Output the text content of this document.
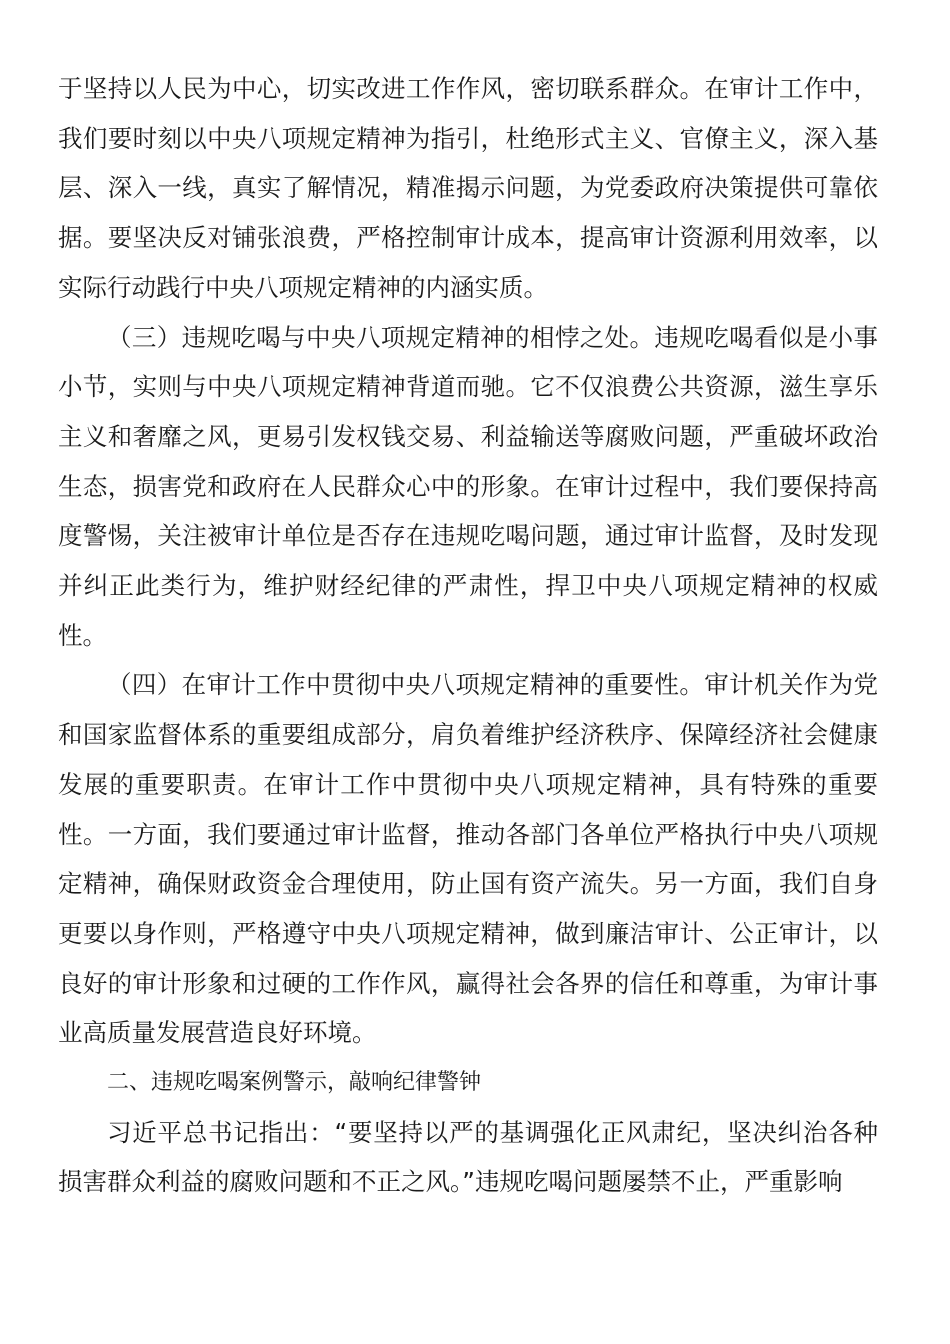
于坚持以人民为中心，切实改进工作作风，密切联系群众。在审计工作中，我们要时刻以中央八项规定精神为指引，杜绝形式主义、官僚主义，深入基层、深入一线，真实了解情况，精准揭示问题，为党委政府决策提供可靠依据。要坚决反对铺张浪费，严格控制审计成本，提高审计资源利用效率，以实际行动践行中央八项规定精神的内涵实质。

（三）违规吃喝与中央八项规定精神的相悖之处。违规吃喝看似是小事小节，实则与中央八项规定精神背道而驰。它不仅浪费公共资源，滋生享乐主义和奢靡之风，更易引发权钱交易、利益输送等腐败问题，严重破坏政治生态，损害党和政府在人民群众心中的形象。在审计过程中，我们要保持高度警惕，关注被审计单位是否存在违规吃喝问题，通过审计监督，及时发现并纠正此类行为，维护财经纪律的严肃性，捍卫中央八项规定精神的权威性。

（四）在审计工作中贯彻中央八项规定精神的重要性。审计机关作为党和国家监督体系的重要组成部分，肩负着维护经济秩序、保障经济社会健康发展的重要职责。在审计工作中贯彻中央八项规定精神，具有特殊的重要性。一方面，我们要通过审计监督，推动各部门各单位严格执行中央八项规定精神，确保财政资金合理使用，防止国有资产流失。另一方面，我们自身更要以身作则，严格遵守中央八项规定精神，做到廉洁审计、公正审计，以良好的审计形象和过硬的工作作风，赢得社会各界的信任和尊重，为审计事业高质量发展营造良好环境。

二、违规吃喝案例警示，敲响纪律警钟

习近平总书记指出：“要坚持以严的基调强化正风肃纪，坚决纠治各种损害群众利益的腐败问题和不正之风。”违规吃喝问题屡禁不止，严重影响
